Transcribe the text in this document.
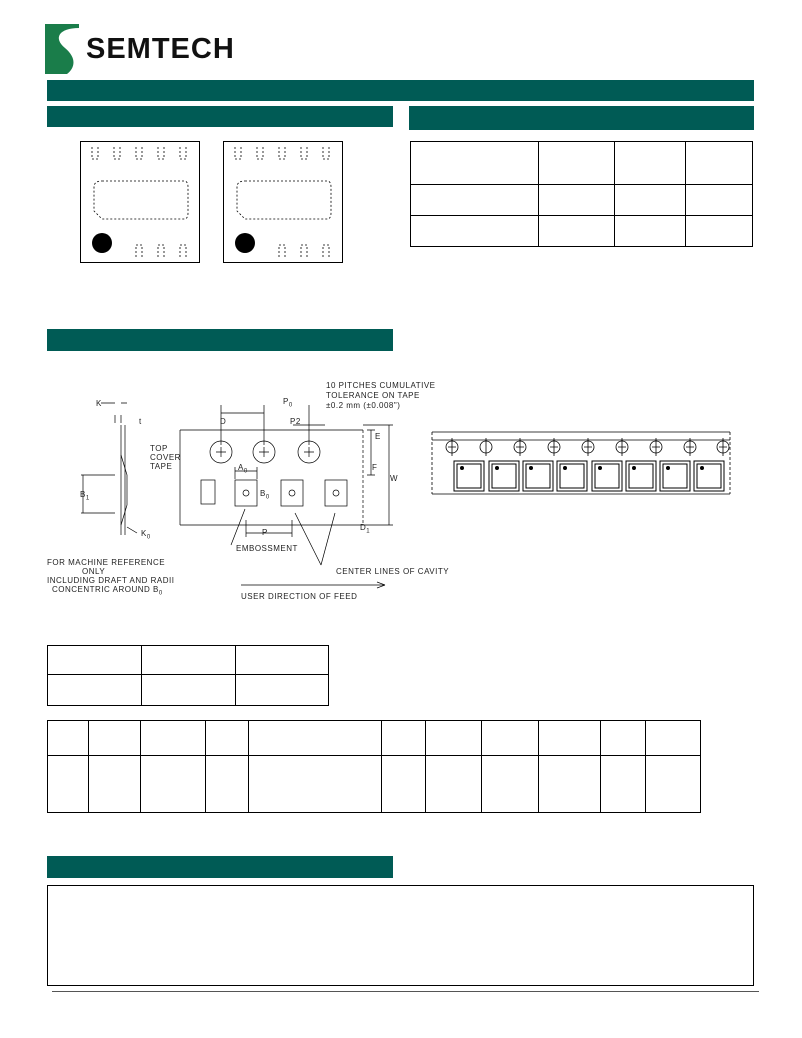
SEMTECH

10 PITCHES CUMULATIVE
TOLERANCE ON TAPE
±0.2 mm (±0.008")
K
t	D
$P_0$
P2
E
F
W
TOP
COVER
TAPE	$A_0$
$B_0$
$B_1$
$K_0$
P
$D_1$
EMBOSSMENT
CENTER LINES OF CAVITY
FOR MACHINE REFERENCE
ONLY
INCLUDING DRAFT AND RADII
CONCENTRIC AROUND $B_0$	USER DIRECTION OF FEED
